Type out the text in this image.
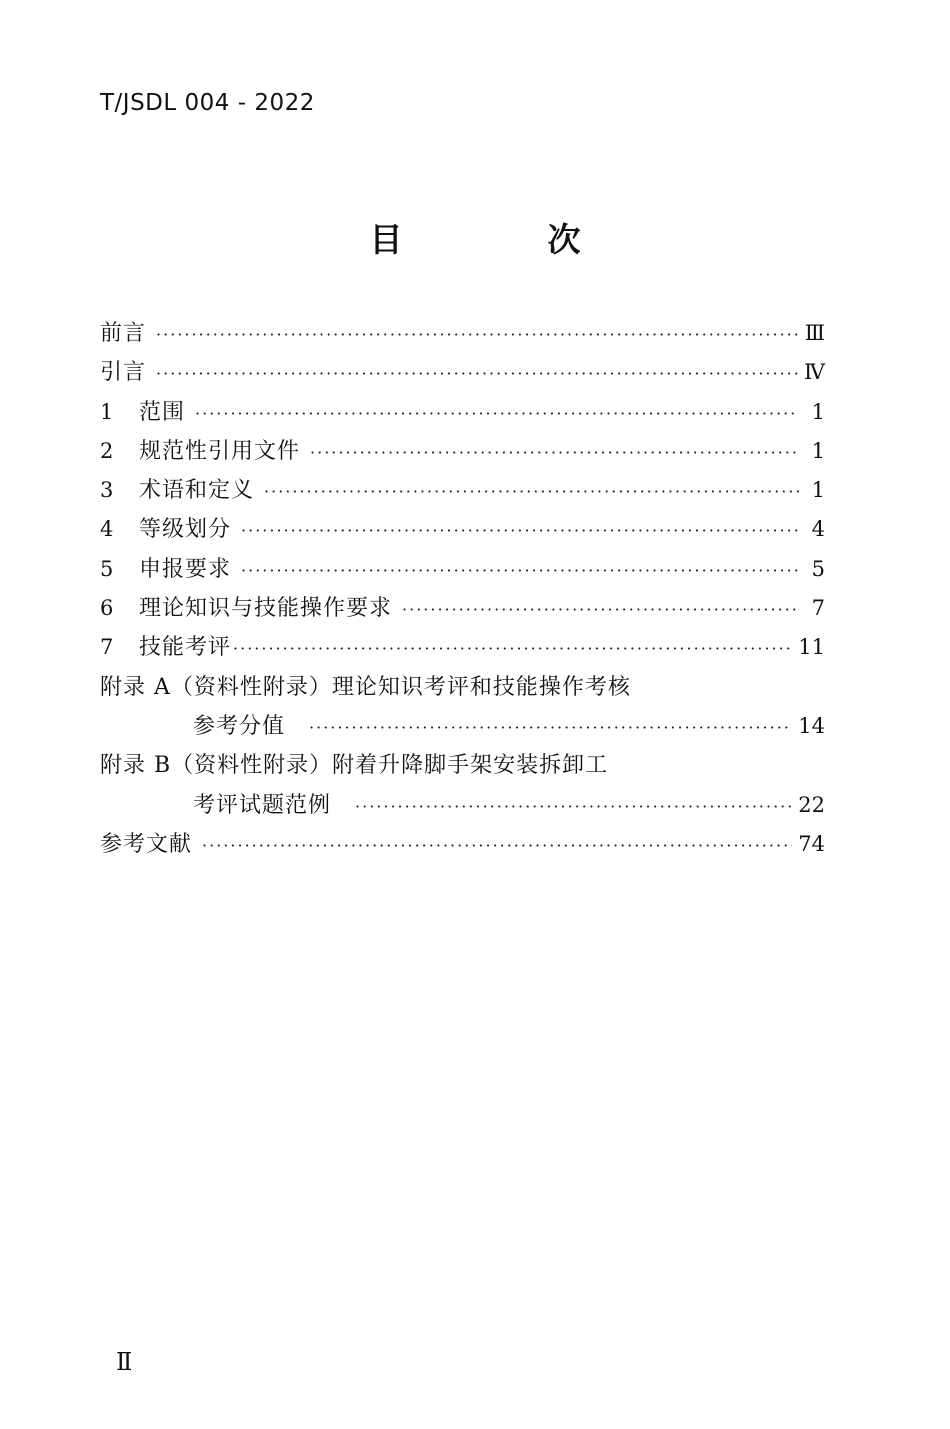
T/JSDL 004 - 2022
目　次
前言 ·····	Ⅲ
引言 ·····	Ⅳ
1	范围 ·····	1
2	规范性引用文件 ·····	1
3	术语和定义 ·····	1
4	等级划分 ·····	4
5	申报要求 ·····	5
6	理论知识与技能操作要求 ·····	7
7	技能考评 ·····	11
附录 A（资料性附录）理论知识考评和技能操作考核
参考分值 ·····	14
附录 B（资料性附录）附着升降脚手架安装拆卸工
考评试题范例 ·····	22
参考文献 ·····	74
Ⅱ
